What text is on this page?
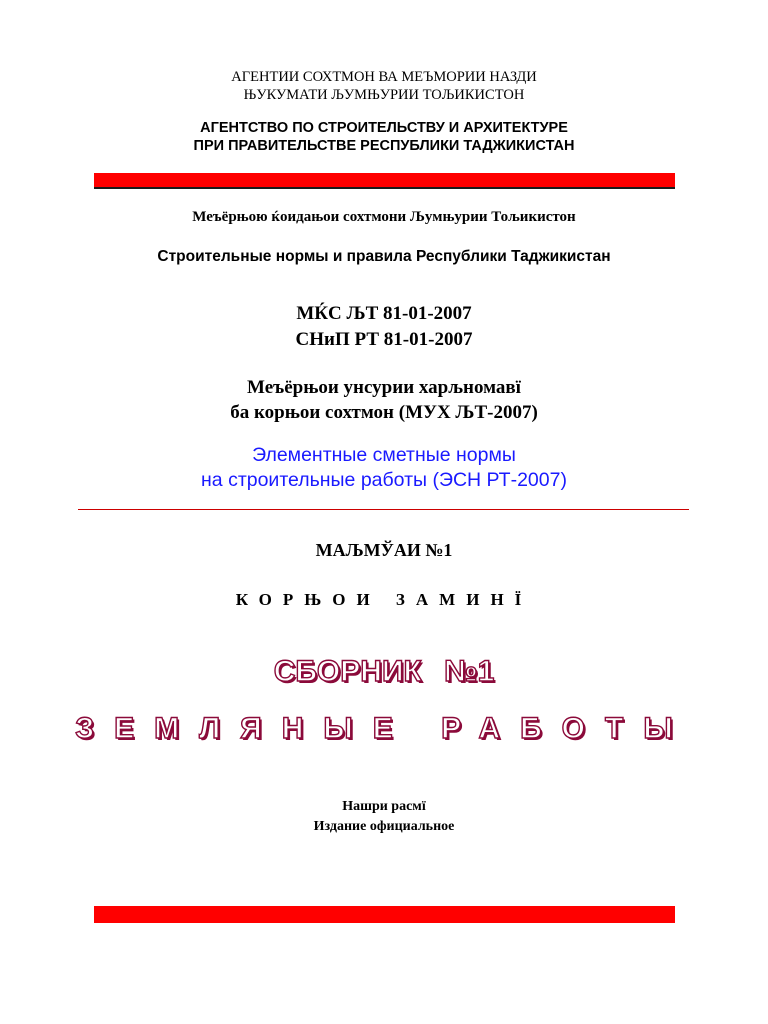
АГЕНТИИ СОХТМОН ВА МЕЪМОРИИ НАЗДИ
ЊУКУМАТИ ЉУМЊУРИИ ТОЉИКИСТОН
АГЕНТСТВО ПО СТРОИТЕЛЬСТВУ И АРХИТЕКТУРЕ
ПРИ ПРАВИТЕЛЬСТВЕ РЕСПУБЛИКИ ТАДЖИКИСТАН
Меъёрњою ќоидањои сохтмони Љумњурии Тољикистон
Строительные нормы и правила Республики Таджикистан
МЌС ЉТ 81-01-2007
СНиП РТ 81-01-2007
Меъёрњои унсурии харљномавї
ба корњои сохтмон (МУХ ЉТ-2007)
Элементные сметные нормы
на строительные работы (ЭСН РТ-2007)
МАЉМЎАИ №1
КОРЊОИ ЗАМИНЇ
СБОРНИК №1
ЗЕМЛЯНЫЕ РАБОТЫ
Нашри расмї
Издание официальное
